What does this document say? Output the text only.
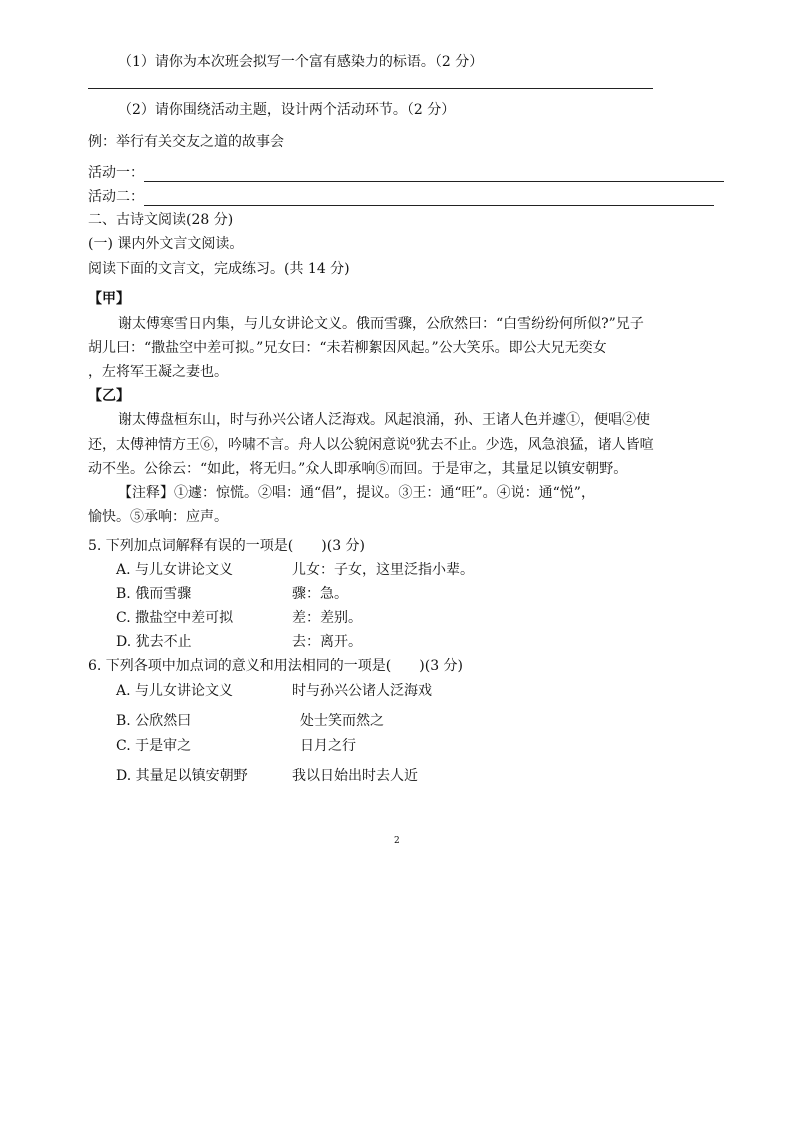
（1）请你为本次班会拟写一个富有感染力的标语。（2 分）
（2）请你围绕活动主题，设计两个活动环节。（2 分）
例：举行有关交友之道的故事会
活动一：
活动二：
二、古诗文阅读(28 分)
(一) 课内外文言文阅读。
阅读下面的文言文，完成练习。(共 14 分)
【甲】
谢太傅寒雪日内集，与儿女讲论文义。俄而雪骤，公欣然曰：“白雪纷纷何所似?”兄子
胡儿曰：“撒盐空中差可拟。”兄女曰：“未若柳絮因风起。”公大笑乐。即公大兄无奕女
，左将军王凝之妻也。
【乙】
谢太傅盘桓东山，时与孙兴公诸人泛海戏。风起浪涌，孙、王诸人色并遽①，便唱②使
还，太傅神情方王⑥，吟啸不言。舟人以公貌闲意说⁰犹去不止。少选，风急浪猛，诸人皆喧
动不坐。公徐云：“如此，将无归。”众人即承响⑤而回。于是审之，其量足以镇安朝野。
【注释】①遽：惊慌。②唱：通“倡”，提议。③王：通“旺”。④说：通“悦”，
愉快。⑤承响：应声。
5. 下列加点词解释有误的一项是(　　)(3 分)
A. 与儿女讲论文义	儿女：子女，这里泛指小辈。
B. 俄而雪骤	骤：急。
C. 撒盐空中差可拟	差：差别。
D. 犹去不止	去：离开。
6. 下列各项中加点词的意义和用法相同的一项是(　　)(3 分)
A. 与儿女讲论文义	时与孙兴公诸人泛海戏
B. 公欣然曰	处士笑而然之
C. 于是审之	日月之行
D. 其量足以镇安朝野	我以日始出时去人近
2
